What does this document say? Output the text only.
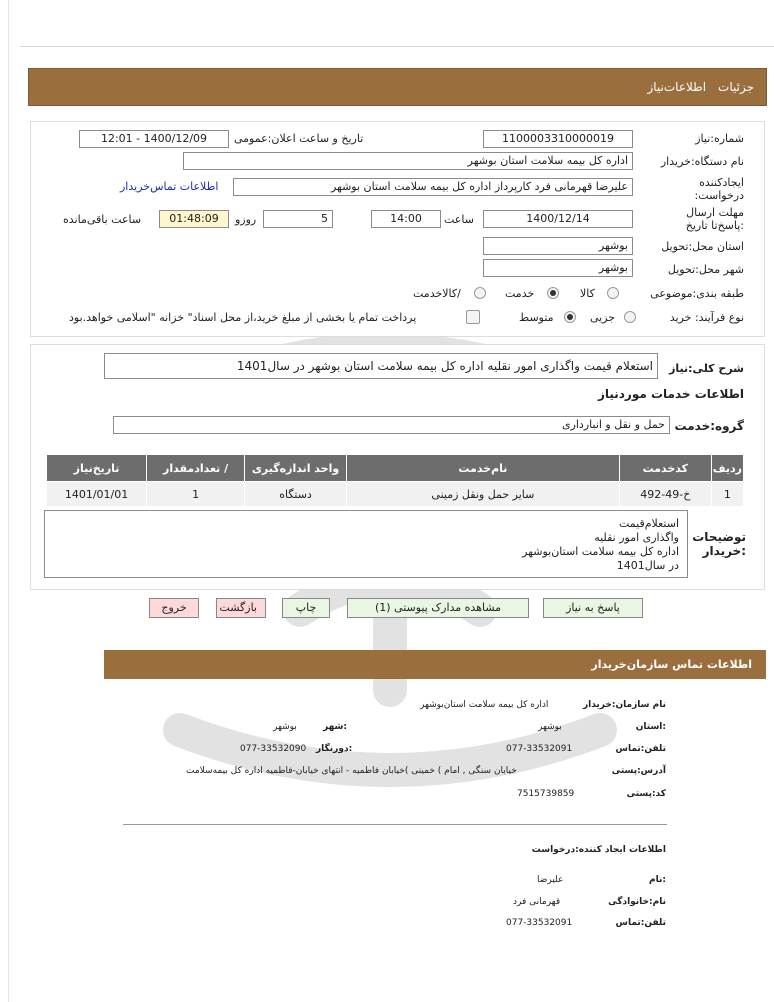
جزئیات
اطلاعات‌نیاز
شماره:نیاز
1100003310000019
تاریخ و ساعت اعلان:عمومی
1400/12/09 - 12:01
نام دستگاه:خریدار
اداره کل بیمه سلامت استان بوشهر
ایجادکننده درخواست:
علیرضا قهرمانی فرد کارپرداز اداره کل بیمه سلامت استان بوشهر
اطلاعات تماس‌خریدار
مهلت ارسال :پاسخ‌تا تاریخ
1400/12/14
ساعت
14:00
5
روزو
01:48:09
ساعت باقی‌مانده
استان محل:تحویل
بوشهر
شهر محل:تحویل
بوشهر
طبقه بندی:موضوعی
کالا
خدمت
/کالاخدمت
نوع فرآیند: خرید
جزیی
متوسط
پرداخت تمام یا بخشی از مبلغ خرید،از محل اسناد" خزانه "اسلامی خواهد.بود
شرح کلی:نیاز
استعلام قیمت واگذاری امور نقلیه اداره کل بیمه سلامت استان بوشهر در سال1401
اطلاعات خدمات موردنیاز
گروه:خدمت
حمل و نقل و انبارداری
ردیف	کدخدمت	نام‌خدمت	واحد اندازه‌گیری	/ تعدادمقدار	تاریخ‌نیاز
1	خ-49-492	سایر حمل ونقل زمینی	دستگاه	1	1401/01/01
توضیحات :خریدار
استعلام‌قیمت
واگذاری امور نقلیه
اداره کل بیمه سلامت استان‌بوشهر
در سال1401
پاسخ به نیاز
مشاهده مدارک پیوستی (1)
چاپ
بازگشت
خروج
اطلاعات تماس سازمان‌خریدار
نام سازمان:خریدار
اداره کل بیمه سلامت استان‌بوشهر
:استان
بوشهر
:شهر
بوشهر
تلفن:تماس
077-33532091
:دورنگار
077-33532090
آدرس:پستی
خیابان سنگی , امام ) خمینی )خیابان فاطمیه - انتهای خیابان-فاطمیه اداره کل بیمه‌سلامت
کد:پستی
7515739859
اطلاعات ایجاد کننده:درخواست
:نام
علیرضا
نام:خانوادگی
قهرمانی فرد
تلفن:تماس
077-33532091
